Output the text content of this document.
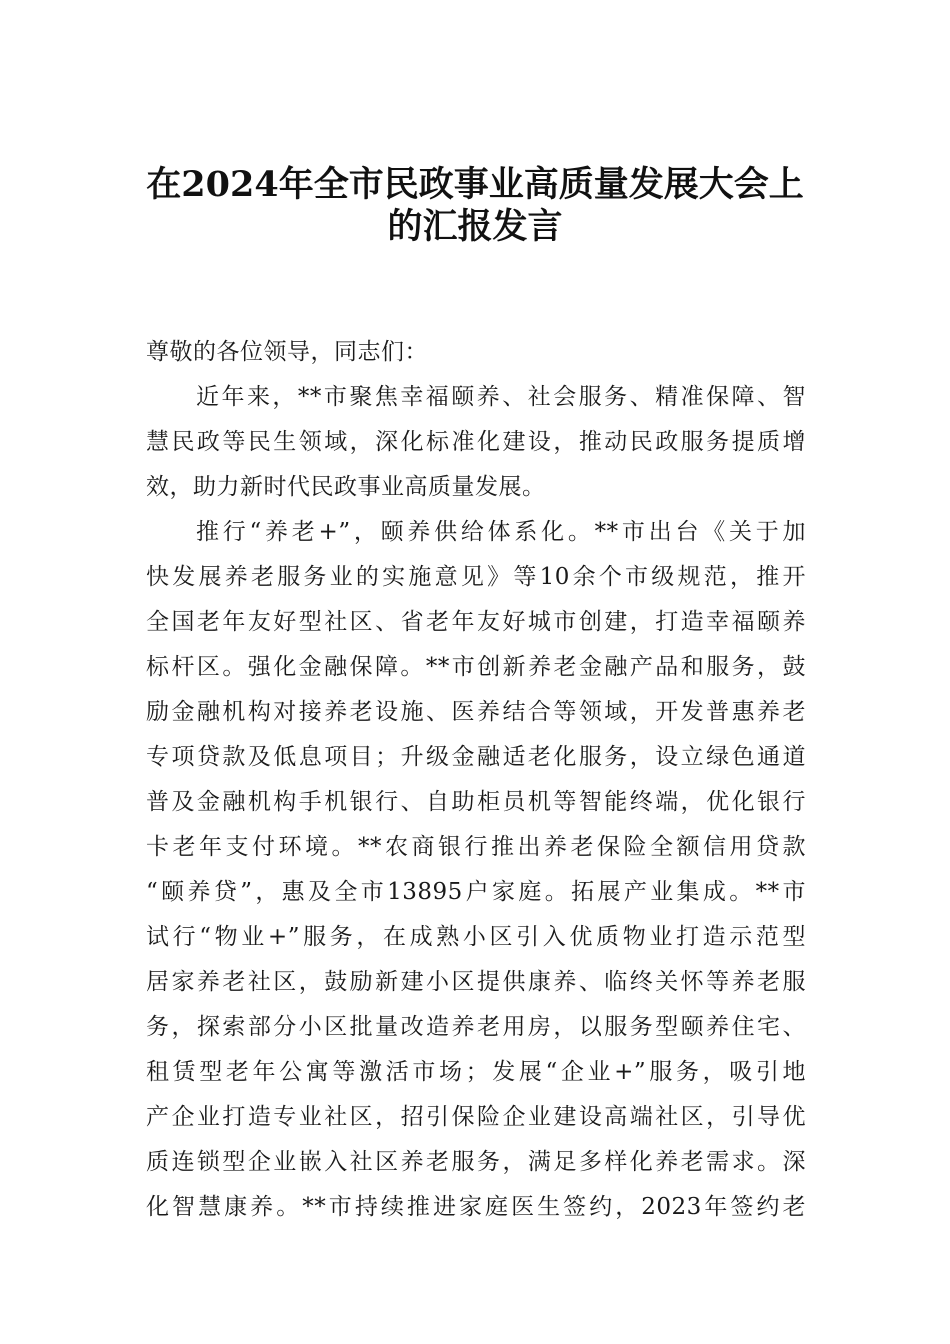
在2024年全市民政事业高质量发展大会上
的汇报发言
尊敬的各位领导，同志们：
近年来，**市聚焦幸福颐养、社会服务、精准保障、智
慧民政等民生领域，深化标准化建设，推动民政服务提质增
效，助力新时代民政事业高质量发展。
推行“养老+”，颐养供给体系化。**市出台《关于加
快发展养老服务业的实施意见》等10余个市级规范，推开
全国老年友好型社区、省老年友好城市创建，打造幸福颐养
标杆区。强化金融保障。**市创新养老金融产品和服务，鼓
励金融机构对接养老设施、医养结合等领域，开发普惠养老
专项贷款及低息项目；升级金融适老化服务，设立绿色通道
普及金融机构手机银行、自助柜员机等智能终端，优化银行
卡老年支付环境。**农商银行推出养老保险全额信用贷款
“颐养贷”，惠及全市13895户家庭。拓展产业集成。**市
试行“物业+”服务，在成熟小区引入优质物业打造示范型
居家养老社区，鼓励新建小区提供康养、临终关怀等养老服
务，探索部分小区批量改造养老用房，以服务型颐养住宅、
租赁型老年公寓等激活市场；发展“企业+”服务，吸引地
产企业打造专业社区，招引保险企业建设高端社区，引导优
质连锁型企业嵌入社区养老服务，满足多样化养老需求。深
化智慧康养。**市持续推进家庭医生签约，2023年签约老
